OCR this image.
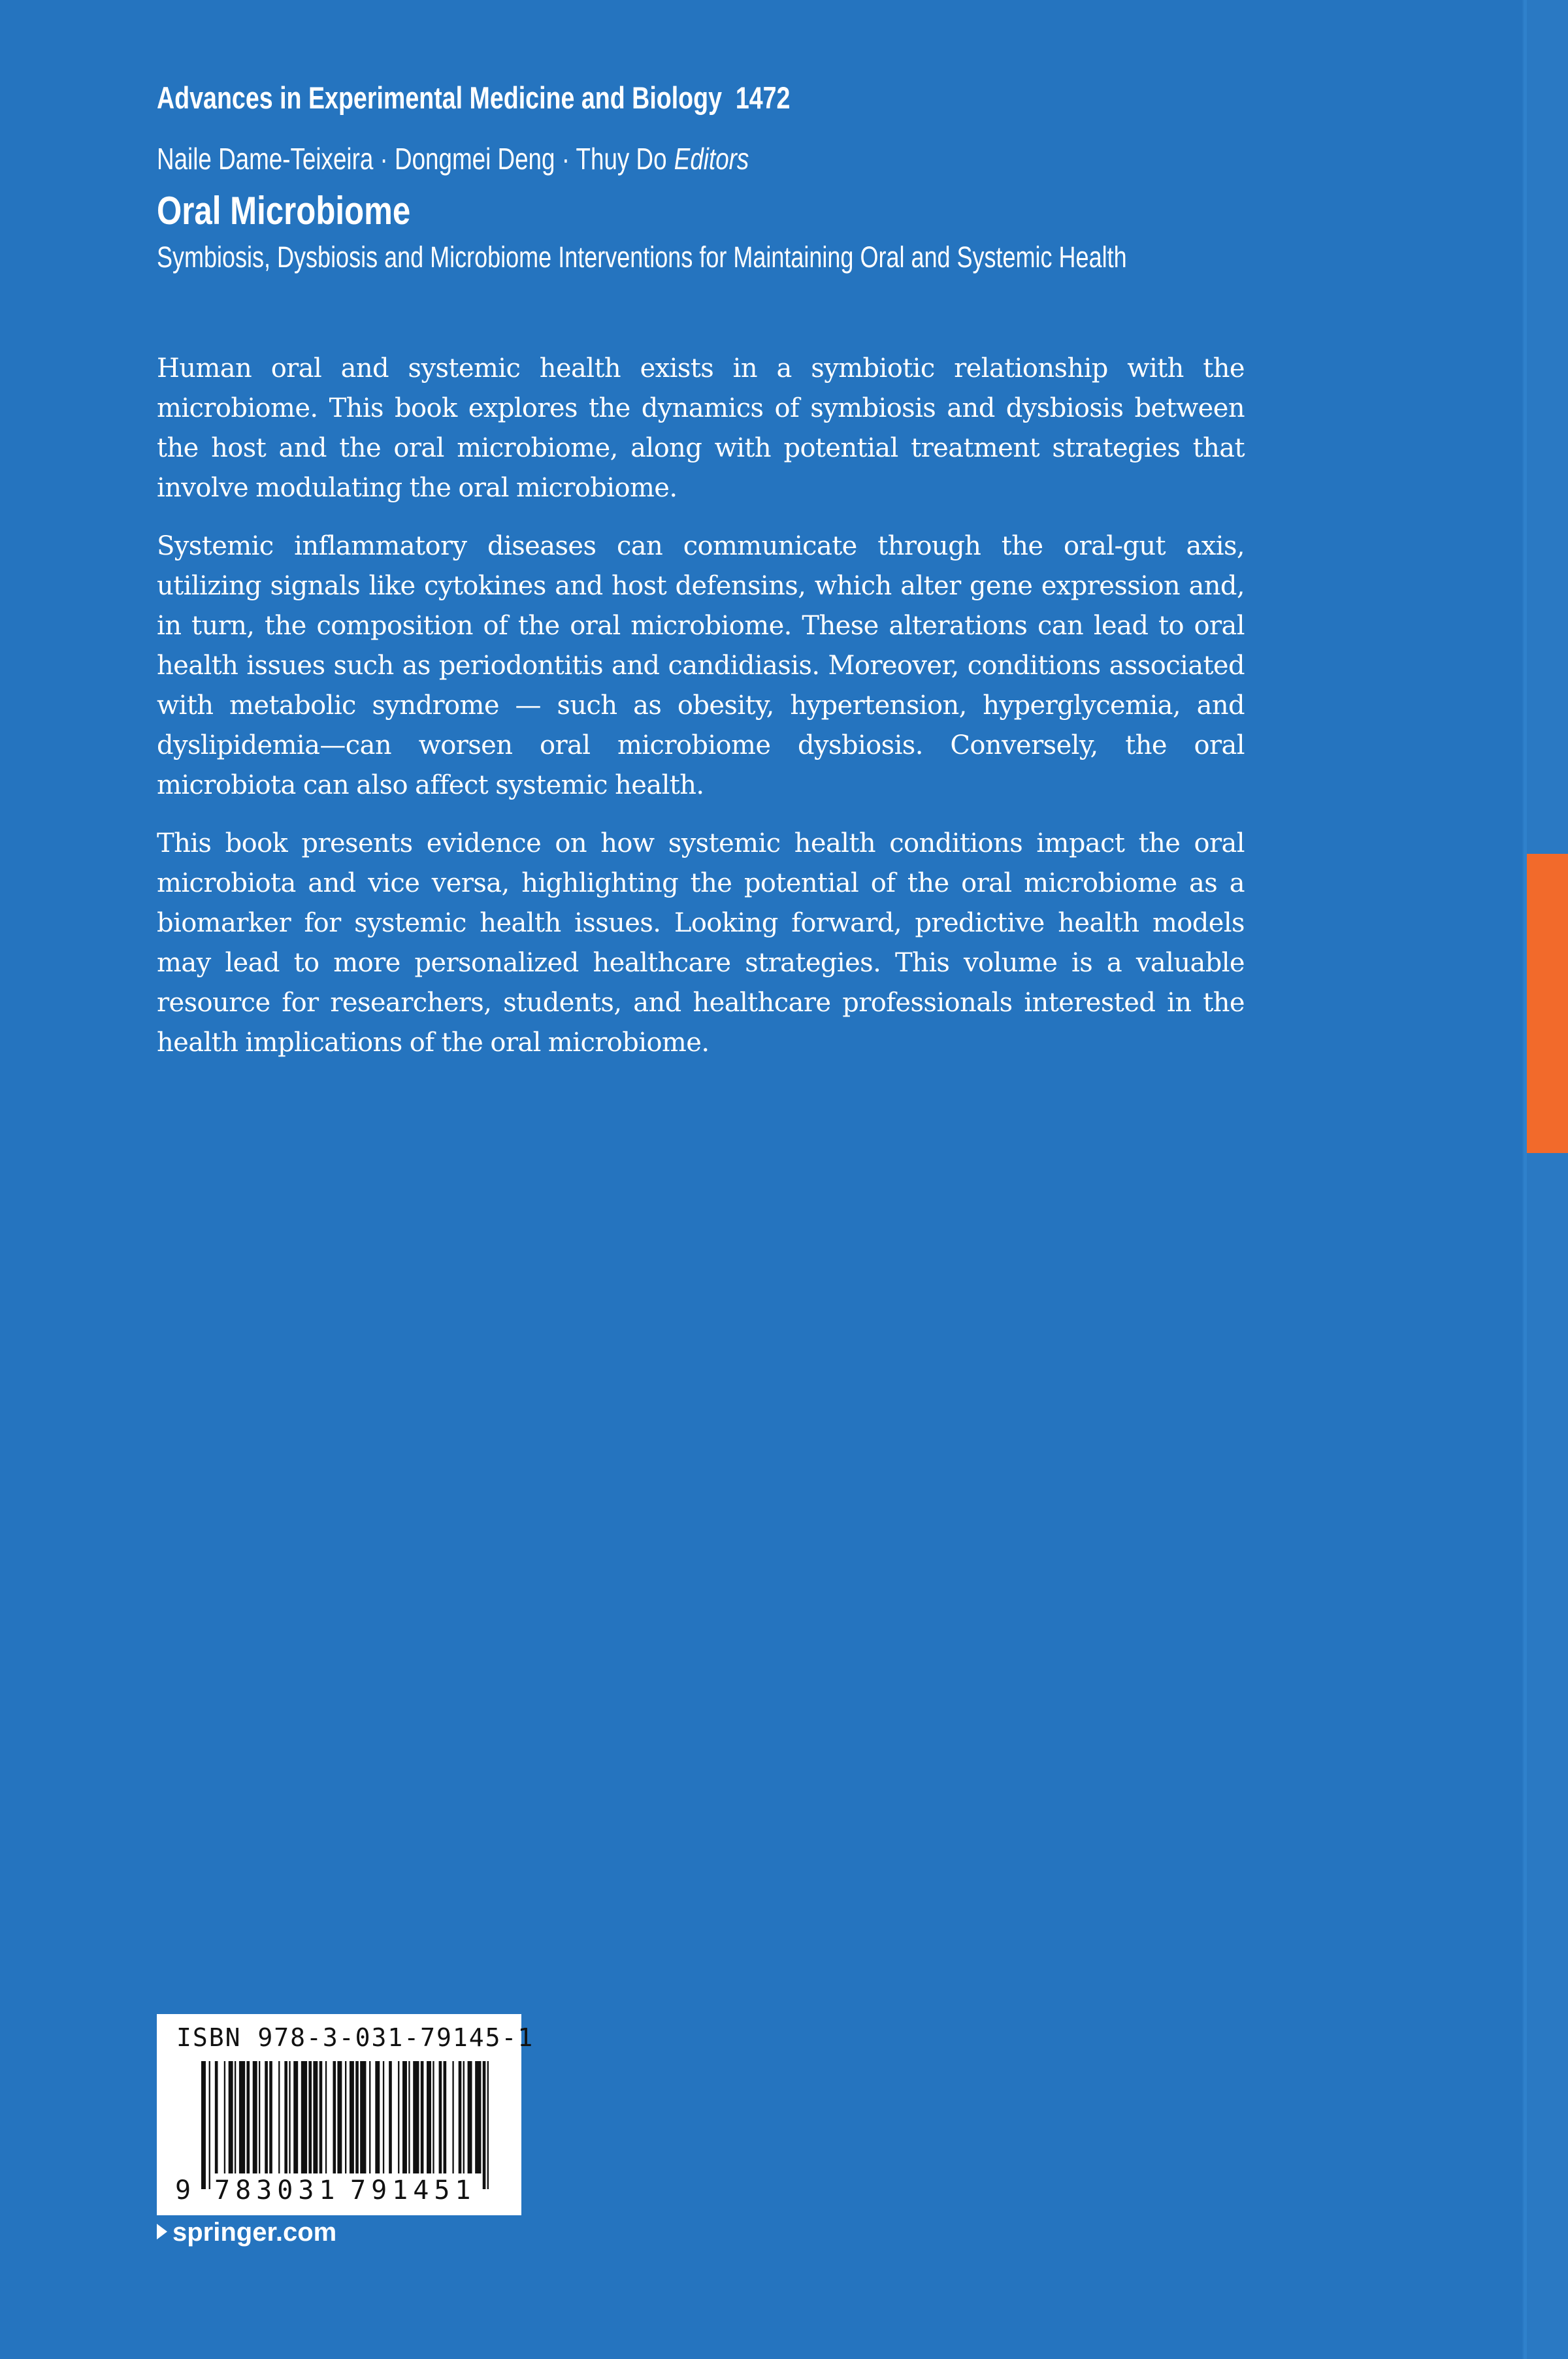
Advances in Experimental Medicine and Biology 1472
Naile Dame-Teixeira · Dongmei Deng · Thuy Do Editors
Oral Microbiome
Symbiosis, Dysbiosis and Microbiome Interventions for Maintaining Oral and Systemic Health

Human oral and systemic health exists in a symbiotic relationship with the microbiome. This book explores the dynamics of symbiosis and dysbiosis between the host and the oral microbiome, along with potential treatment strategies that involve modulating the oral microbiome.

Systemic inflammatory diseases can communicate through the oral-gut axis, utilizing signals like cytokines and host defensins, which alter gene expression and, in turn, the composition of the oral microbiome. These alterations can lead to oral health issues such as periodontitis and candidiasis. Moreover, conditions associated with metabolic syndrome — such as obesity, hypertension, hyperglycemia, and dyslipidemia—can worsen oral microbiome dysbiosis. Conversely, the oral microbiota can also affect systemic health.

This book presents evidence on how systemic health conditions impact the oral microbiota and vice versa, highlighting the potential of the oral microbiome as a biomarker for systemic health issues. Looking forward, predictive health models may lead to more personalized healthcare strategies. This volume is a valuable resource for researchers, students, and healthcare professionals interested in the health implications of the oral microbiome.

ISBN 978-3-031-79145-1
9 783031 791451
springer.com
